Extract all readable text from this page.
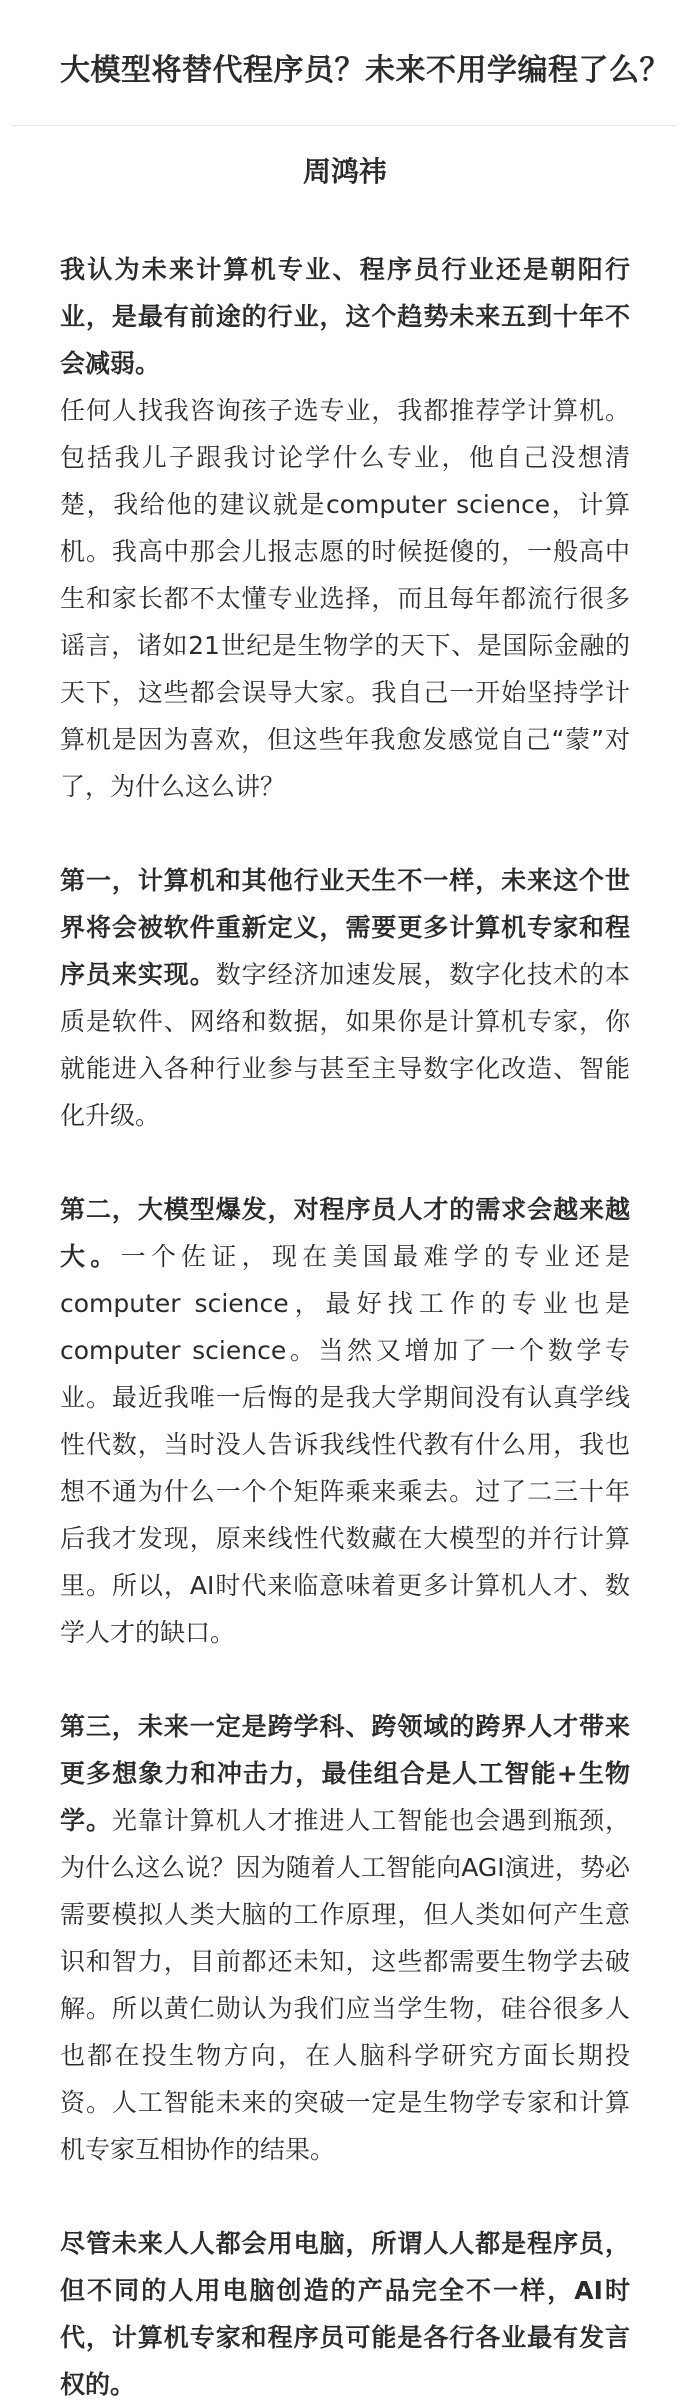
大模型将替代程序员？未来不用学编程了么？
周鸿祎

我认为未来计算机专业、程序员行业还是朝阳行业，是最有前途的行业，这个趋势未来五到十年不会减弱。
任何人找我咨询孩子选专业，我都推荐学计算机。包括我儿子跟我讨论学什么专业，他自己没想清楚，我给他的建议就是computer science，计算机。我高中那会儿报志愿的时候挺傻的，一般高中生和家长都不太懂专业选择，而且每年都流行很多谣言，诸如21世纪是生物学的天下、是国际金融的天下，这些都会误导大家。我自己一开始坚持学计算机是因为喜欢，但这些年我愈发感觉自己“蒙”对了，为什么这么讲？

第一，计算机和其他行业天生不一样，未来这个世界将会被软件重新定义，需要更多计算机专家和程序员来实现。数字经济加速发展，数字化技术的本质是软件、网络和数据，如果你是计算机专家，你就能进入各种行业参与甚至主导数字化改造、智能化升级。

第二，大模型爆发，对程序员人才的需求会越来越大。一个佐证，现在美国最难学的专业还是computer science，最好找工作的专业也是computer science。当然又增加了一个数学专业。最近我唯一后悔的是我大学期间没有认真学线性代数，当时没人告诉我线性代教有什么用，我也想不通为什么一个个矩阵乘来乘去。过了二三十年后我才发现，原来线性代数藏在大模型的并行计算里。所以，AI时代来临意味着更多计算机人才、数学人才的缺口。

第三，未来一定是跨学科、跨领域的跨界人才带来更多想象力和冲击力，最佳组合是人工智能+生物学。光靠计算机人才推进人工智能也会遇到瓶颈，为什么这么说？因为随着人工智能向AGI演进，势必需要模拟人类大脑的工作原理，但人类如何产生意识和智力，目前都还未知，这些都需要生物学去破解。所以黄仁勋认为我们应当学生物，硅谷很多人也都在投生物方向，在人脑科学研究方面长期投资。人工智能未来的突破一定是生物学专家和计算机专家互相协作的结果。

尽管未来人人都会用电脑，所谓人人都是程序员，但不同的人用电脑创造的产品完全不一样，AI时代，计算机专家和程序员可能是各行各业最有发言权的。
